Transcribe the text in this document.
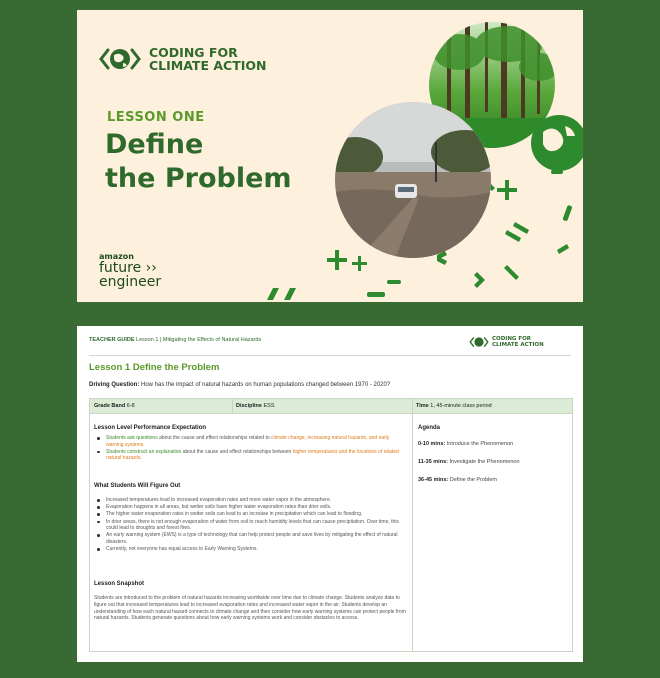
CODING FOR
CLIMATE ACTION
LESSON ONE
Define
the Problem
amazon
future ››
engineer
TEACHER GUIDE Lesson 1 | Mitigating the Effects of Natural Hazards	CODING FOR
CLIMATE ACTION
Lesson 1 Define the Problem
Driving Question: How has the impact of natural hazards on human populations changed between 1970 - 2020?
Grade Band 6-8	Discipline ESS	Time 1, 45-minute class period
Lesson Level Performance Expectation
Students ask questions about the cause and effect relationships related to climate change, increasing natural hazards, and early warning systems.
Students construct an explanation about the cause and effect relationships between higher temperatures and the locations of related natural hazards.
What Students Will Figure Out
Increased temperatures lead to increased evaporation rates and more water vapor in the atmosphere.
Evaporation happens in all areas, but wetter soils have higher water evaporation rates than drier soils.
The higher water evaporation rates in wetter soils can lead to an increase in precipitation which can lead to flooding.
In drier areas, there is not enough evaporation of water from soil to reach humidity levels that can cause precipitation. Over time, this could lead to droughts and forest fires.
An early warning system (EWS) is a type of technology that can help protect people and save lives by mitigating the effect of natural disasters.
Currently, not everyone has equal access to Early Warning Systems.
Lesson Snapshot
Students are introduced to the problem of natural hazards increasing worldwide over time due to climate change. Students analyze data to figure out that increased temperatures lead to increased evaporation rates and increased water vapor in the air. Students develop an understanding of how each natural hazard connects to climate change and then consider how early warning systems can protect people from natural hazards. Students generate questions about how early warning systems work and consider obstacles to access.
Agenda
0-10 mins: Introduce the Phenomenon
11-35 mins: Investigate the Phenomenon
36-45 mins: Define the Problem
